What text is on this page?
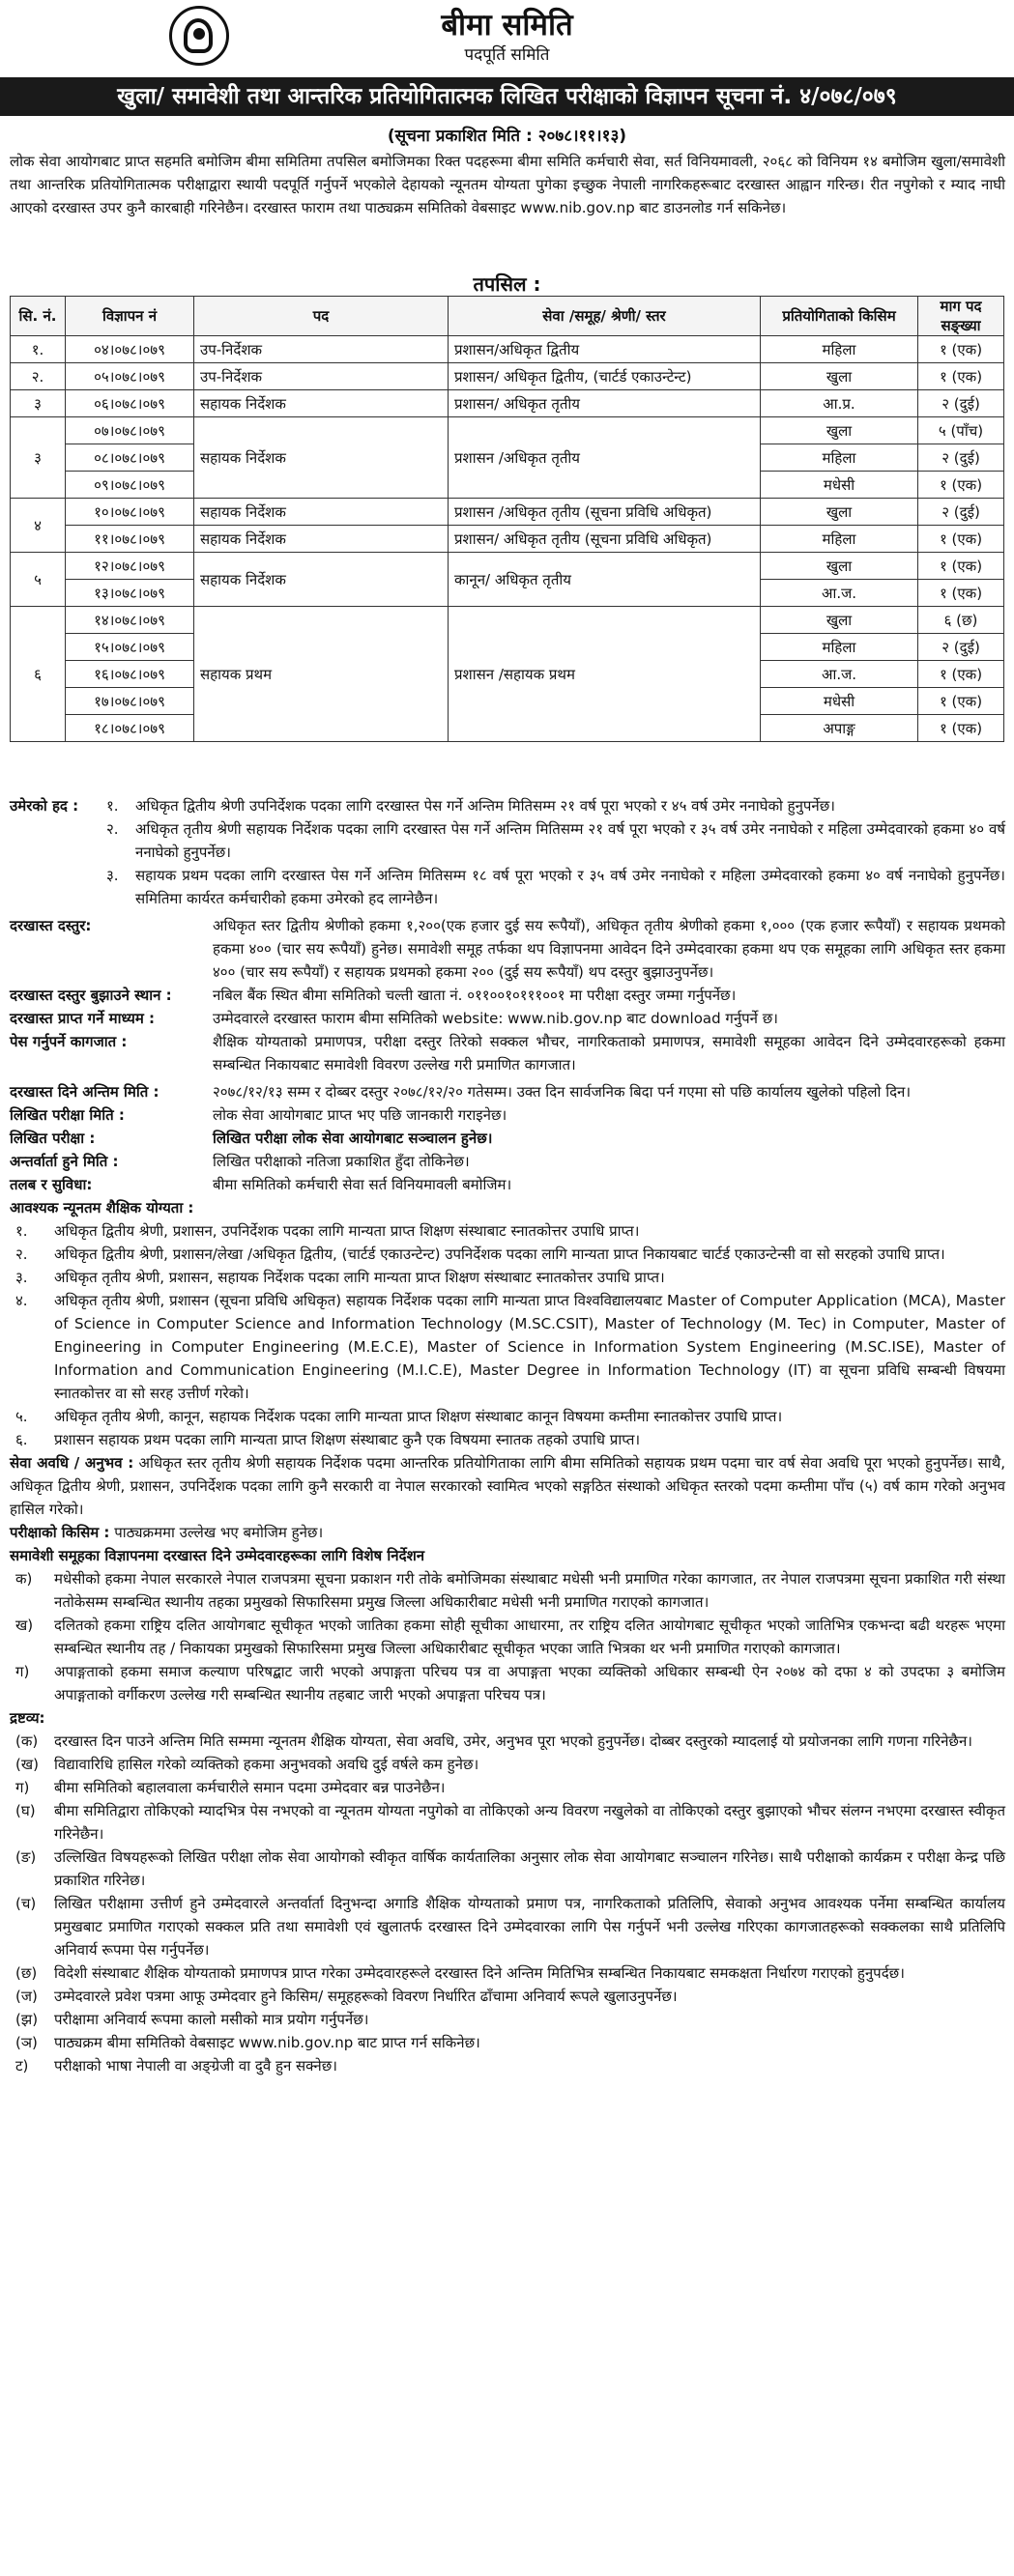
बीमा समिति
पदपूर्ति समिति
खुला/ समावेशी तथा आन्तरिक प्रतियोगितात्मक लिखित परीक्षाको विज्ञापन सूचना नं. ४/०७८/०७९
(सूचना प्रकाशित मिति : २०७८।११।१३)
लोक सेवा आयोगबाट प्राप्त सहमति बमोजिम बीमा समितिमा तपसिल बमोजिमका रिक्त पदहरूमा बीमा समिति कर्मचारी सेवा, सर्त विनियमावली, २०६८ को विनियम १४ बमोजिम खुला/समावेशी तथा आन्तरिक प्रतियोगितात्मक परीक्षाद्वारा स्थायी पदपूर्ति गर्नुपर्ने भएकोले देहायको न्यूनतम योग्यता पुगेका इच्छुक नेपाली नागरिकहरूबाट दरखास्त आह्वान गरिन्छ। रीत नपुगेको र म्याद नाघी आएको दरखास्त उपर कुनै कारबाही गरिनेछैन। दरखास्त फाराम तथा पाठ्यक्रम समितिको वेबसाइट www.nib.gov.np बाट डाउनलोड गर्न सकिनेछ।
तपसिल :
सि. नं.	विज्ञापन नं	पद	सेवा /समूह/ श्रेणी/ स्तर	प्रतियोगिताको किसिम	माग पद सङ्ख्या
१.	०४।०७८।०७९	उप-निर्देशक	प्रशासन/अधिकृत द्वितीय	महिला	१ (एक)
२.	०५।०७८।०७९	उप-निर्देशक	प्रशासन/ अधिकृत द्वितीय, (चार्टर्ड एकाउन्टेन्ट)	खुला	१ (एक)
३	०६।०७८।०७९	सहायक निर्देशक	प्रशासन/ अधिकृत तृतीय	आ.प्र.	२ (दुई)
३	०७।०७८।०७९	सहायक निर्देशक	प्रशासन /अधिकृत तृतीय	खुला	५ (पाँच)
	०८।०७८।०७९			महिला	२ (दुई)
	०९।०७८।०७९			मधेसी	१ (एक)
४	१०।०७८।०७९	सहायक निर्देशक	प्रशासन /अधिकृत तृतीय (सूचना प्रविधि अधिकृत)	खुला	२ (दुई)
	११।०७८।०७९	सहायक निर्देशक	प्रशासन/ अधिकृत तृतीय (सूचना प्रविधि अधिकृत)	महिला	१ (एक)
५	१२।०७८।०७९	सहायक निर्देशक	कानून/ अधिकृत तृतीय	खुला	१ (एक)
	१३।०७८।०७९			आ.ज.	१ (एक)
६	१४।०७८।०७९	सहायक प्रथम	प्रशासन /सहायक प्रथम	खुला	६ (छ)
	१५।०७८।०७९			महिला	२ (दुई)
	१६।०७८।०७९			आ.ज.	१ (एक)
	१७।०७८।०७९			मधेसी	१ (एक)
	१८।०७८।०७९			अपाङ्ग	१ (एक)
उमेरको हद :	१.	अधिकृत द्वितीय श्रेणी उपनिर्देशक पदका लागि दरखास्त पेस गर्ने अन्तिम मितिसम्म २१ वर्ष पूरा भएको र ४५ वर्ष उमेर ननाघेको हुनुपर्नेछ।
२.	अधिकृत तृतीय श्रेणी सहायक निर्देशक पदका लागि दरखास्त पेस गर्ने अन्तिम मितिसम्म २१ वर्ष पूरा भएको र ३५ वर्ष उमेर ननाघेको र महिला उम्मेदवारको हकमा ४० वर्ष ननाघेको हुनुपर्नेछ।
३.	सहायक प्रथम पदका लागि दरखास्त पेस गर्ने अन्तिम मितिसम्म १८ वर्ष पूरा भएको र ३५ वर्ष उमेर ननाघेको र महिला उम्मेदवारको हकमा ४० वर्ष ननाघेको हुनुपर्नेछ। समितिमा कार्यरत कर्मचारीको हकमा उमेरको हद लाग्नेछैन।
दरखास्त दस्तुर:	अधिकृत स्तर द्वितीय श्रेणीको हकमा १,२००(एक हजार दुई सय रूपैयाँ), अधिकृत तृतीय श्रेणीको हकमा १,००० (एक हजार रूपैयाँ) र सहायक प्रथमको हकमा ४०० (चार सय रूपैयाँ) हुनेछ। समावेशी समूह तर्फका थप विज्ञापनमा आवेदन दिने उम्मेदवारका हकमा थप एक समूहका लागि अधिकृत स्तर हकमा ४०० (चार सय रूपैयाँ) र सहायक प्रथमको हकमा २०० (दुई सय रूपैयाँ) थप दस्तुर बुझाउनुपर्नेछ।
दरखास्त दस्तुर बुझाउने स्थान :	नबिल बैंक स्थित बीमा समितिको चल्ती खाता नं. ०११००१०१११००१ मा परीक्षा दस्तुर जम्मा गर्नुपर्नेछ।
दरखास्त प्राप्त गर्ने माध्यम :	उम्मेदवारले दरखास्त फाराम बीमा समितिको website: www.nib.gov.np बाट download गर्नुपर्ने छ।
पेस गर्नुपर्ने कागजात :	शैक्षिक योग्यताको प्रमाणपत्र, परीक्षा दस्तुर तिरेको सक्कल भौचर, नागरिकताको प्रमाणपत्र, समावेशी समूहका आवेदन दिने उम्मेदवारहरूको हकमा सम्बन्धित निकायबाट समावेशी विवरण उल्लेख गरी प्रमाणित कागजात।
दरखास्त दिने अन्तिम मिति :	२०७८/१२/१३ सम्म र दोब्बर दस्तुर २०७८/१२/२० गतेसम्म। उक्त दिन सार्वजनिक बिदा पर्न गएमा सो पछि कार्यालय खुलेको पहिलो दिन।
लिखित परीक्षा मिति :	लोक सेवा आयोगबाट प्राप्त भए पछि जानकारी गराइनेछ।
लिखित परीक्षा :	लिखित परीक्षा लोक सेवा आयोगबाट सञ्चालन हुनेछ।
अन्तर्वार्ता हुने मिति :	लिखित परीक्षाको नतिजा प्रकाशित हुँदा तोकिनेछ।
तलब र सुविधा:	बीमा समितिको कर्मचारी सेवा सर्त विनियमावली बमोजिम।
आवश्यक न्यूनतम शैक्षिक योग्यता :
१.	अधिकृत द्वितीय श्रेणी, प्रशासन, उपनिर्देशक पदका लागि मान्यता प्राप्त शिक्षण संस्थाबाट स्नातकोत्तर उपाधि प्राप्त।
२.	अधिकृत द्वितीय श्रेणी, प्रशासन/लेखा /अधिकृत द्वितीय, (चार्टर्ड एकाउन्टेन्ट) उपनिर्देशक पदका लागि मान्यता प्राप्त निकायबाट चार्टर्ड एकाउन्टेन्सी वा सो सरहको उपाधि प्राप्त।
३.	अधिकृत तृतीय श्रेणी, प्रशासन, सहायक निर्देशक पदका लागि मान्यता प्राप्त शिक्षण संस्थाबाट स्नातकोत्तर उपाधि प्राप्त।
४.	अधिकृत तृतीय श्रेणी, प्रशासन (सूचना प्रविधि अधिकृत) सहायक निर्देशक पदका लागि मान्यता प्राप्त विश्वविद्यालयबाट Master of Computer Application (MCA), Master of Science in Computer Science and Information Technology (M.SC.CSIT), Master of Technology (M. Tec) in Computer, Master of Engineering in Computer Engineering (M.E.C.E), Master of Science in Information System Engineering (M.SC.ISE), Master of Information and Communication Engineering (M.I.C.E), Master Degree in Information Technology (IT) वा सूचना प्रविधि सम्बन्धी विषयमा स्नातकोत्तर वा सो सरह उत्तीर्ण गरेको।
५.	अधिकृत तृतीय श्रेणी, कानून, सहायक निर्देशक पदका लागि मान्यता प्राप्त शिक्षण संस्थाबाट कानून विषयमा कम्तीमा स्नातकोत्तर उपाधि प्राप्त।
६.	प्रशासन सहायक प्रथम पदका लागि मान्यता प्राप्त शिक्षण संस्थाबाट कुनै एक विषयमा स्नातक तहको उपाधि प्राप्त।
सेवा अवधि / अनुभव : अधिकृत स्तर तृतीय श्रेणी सहायक निर्देशक पदमा आन्तरिक प्रतियोगिताका लागि बीमा समितिको सहायक प्रथम पदमा चार वर्ष सेवा अवधि पूरा भएको हुनुपर्नेछ। साथै, अधिकृत द्वितीय श्रेणी, प्रशासन, उपनिर्देशक पदका लागि कुनै सरकारी वा नेपाल सरकारको स्वामित्व भएको सङ्गठित संस्थाको अधिकृत स्तरको पदमा कम्तीमा पाँच (५) वर्ष काम गरेको अनुभव हासिल गरेको।
परीक्षाको किसिम : पाठ्यक्रममा उल्लेख भए बमोजिम हुनेछ।
समावेशी समूहका विज्ञापनमा दरखास्त दिने उम्मेदवारहरूका लागि विशेष निर्देशन
क)	मधेसीको हकमा नेपाल सरकारले नेपाल राजपत्रमा सूचना प्रकाशन गरी तोके बमोजिमका संस्थाबाट मधेसी भनी प्रमाणित गरेका कागजात, तर नेपाल राजपत्रमा सूचना प्रकाशित गरी संस्था नतोकेसम्म सम्बन्धित स्थानीय तहका प्रमुखको सिफारिसमा प्रमुख जिल्ला अधिकारीबाट मधेसी भनी प्रमाणित गराएको कागजात।
ख)	दलितको हकमा राष्ट्रिय दलित आयोगबाट सूचीकृत भएको जातिका हकमा सोही सूचीका आधारमा, तर राष्ट्रिय दलित आयोगबाट सूचीकृत भएको जातिभित्र एकभन्दा बढी थरहरू भएमा सम्बन्धित स्थानीय तह / निकायका प्रमुखको सिफारिसमा प्रमुख जिल्ला अधिकारीबाट सूचीकृत भएका जाति भित्रका थर भनी प्रमाणित गराएको कागजात।
ग)	अपाङ्गताको हकमा समाज कल्याण परिषद्बाट जारी भएको अपाङ्गता परिचय पत्र वा अपाङ्गता भएका व्यक्तिको अधिकार सम्बन्धी ऐन २०७४ को दफा ४ को उपदफा ३ बमोजिम अपाङ्गताको वर्गीकरण उल्लेख गरी सम्बन्धित स्थानीय तहबाट जारी भएको अपाङ्गता परिचय पत्र।
द्रष्टव्य:
(क)	दरखास्त दिन पाउने अन्तिम मिति सम्ममा न्यूनतम शैक्षिक योग्यता, सेवा अवधि, उमेर, अनुभव पूरा भएको हुनुपर्नेछ। दोब्बर दस्तुरको म्यादलाई यो प्रयोजनका लागि गणना गरिनेछैन।
(ख)	विद्यावारिधि हासिल गरेको व्यक्तिको हकमा अनुभवको अवधि दुई वर्षले कम हुनेछ।
ग)	बीमा समितिको बहालवाला कर्मचारीले समान पदमा उम्मेदवार बन्न पाउनेछैन।
(घ)	बीमा समितिद्वारा तोकिएको म्यादभित्र पेस नभएको वा न्यूनतम योग्यता नपुगेको वा तोकिएको अन्य विवरण नखुलेको वा तोकिएको दस्तुर बुझाएको भौचर संलग्न नभएमा दरखास्त स्वीकृत गरिनेछैन।
(ङ)	उल्लिखित विषयहरूको लिखित परीक्षा लोक सेवा आयोगको स्वीकृत वार्षिक कार्यतालिका अनुसार लोक सेवा आयोगबाट सञ्चालन गरिनेछ। साथै परीक्षाको कार्यक्रम र परीक्षा केन्द्र पछि प्रकाशित गरिनेछ।
(च)	लिखित परीक्षामा उत्तीर्ण हुने उम्मेदवारले अन्तर्वार्ता दिनुभन्दा अगाडि शैक्षिक योग्यताको प्रमाण पत्र, नागरिकताको प्रतिलिपि, सेवाको अनुभव आवश्यक पर्नेमा सम्बन्धित कार्यालय प्रमुखबाट प्रमाणित गराएको सक्कल प्रति तथा समावेशी एवं खुलातर्फ दरखास्त दिने उम्मेदवारका लागि पेस गर्नुपर्ने भनी उल्लेख गरिएका कागजातहरूको सक्कलका साथै प्रतिलिपि अनिवार्य रूपमा पेस गर्नुपर्नेछ।
(छ)	विदेशी संस्थाबाट शैक्षिक योग्यताको प्रमाणपत्र प्राप्त गरेका उम्मेदवारहरूले दरखास्त दिने अन्तिम मितिभित्र सम्बन्धित निकायबाट समकक्षता निर्धारण गराएको हुनुपर्दछ।
(ज)	उम्मेदवारले प्रवेश पत्रमा आफू उम्मेदवार हुने किसिम/ समूहहरूको विवरण निर्धारित ढाँचामा अनिवार्य रूपले खुलाउनुपर्नेछ।
(झ)	परीक्षामा अनिवार्य रूपमा कालो मसीको मात्र प्रयोग गर्नुपर्नेछ।
(ञ)	पाठ्यक्रम बीमा समितिको वेबसाइट www.nib.gov.np बाट प्राप्त गर्न सकिनेछ।
ट)	परीक्षाको भाषा नेपाली वा अङ्ग्रेजी वा दुवै हुन सक्नेछ।
